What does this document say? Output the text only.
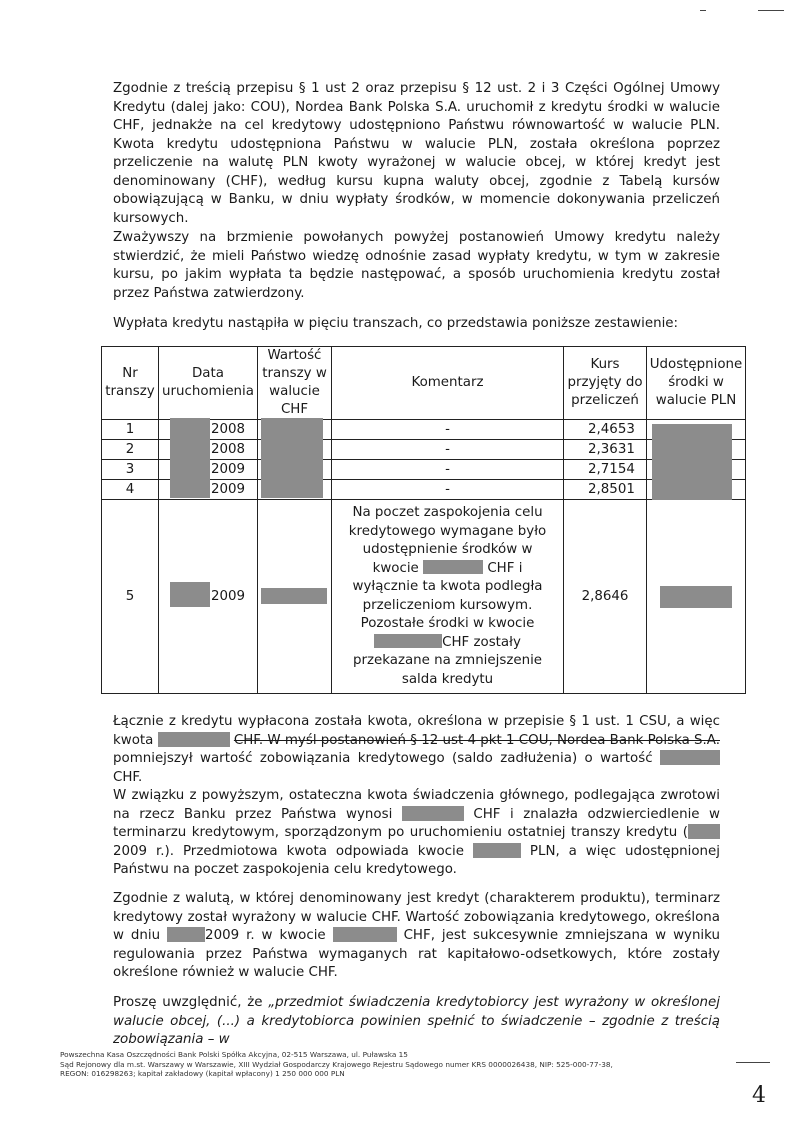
Zgodnie z treścią przepisu § 1 ust 2 oraz przepisu § 12 ust. 2 i 3 Części Ogólnej Umowy Kredytu (dalej jako: COU), Nordea Bank Polska S.A. uruchomił z kredytu środki w walucie CHF, jednakże na cel kredytowy udostępniono Państwu równowartość w walucie PLN. Kwota kredytu udostępniona Państwu w walucie PLN, została określona poprzez przeliczenie na walutę PLN kwoty wyrażonej w walucie obcej, w której kredyt jest denominowany (CHF), według kursu kupna waluty obcej, zgodnie z Tabelą kursów obowiązującą w Banku, w dniu wypłaty środków, w momencie dokonywania przeliczeń kursowych.

Zważywszy na brzmienie powołanych powyżej postanowień Umowy kredytu należy stwierdzić, że mieli Państwo wiedzę odnośnie zasad wypłaty kredytu, w tym w zakresie kursu, po jakim wypłata ta będzie następować, a sposób uruchomienia kredytu został przez Państwa zatwierdzony.

Wypłata kredytu nastąpiła w pięciu transzach, co przedstawia poniższe zestawienie:

Nr transzy	Data uruchomienia	Wartość transzy w walucie CHF	Komentarz	Kurs przyjęty do przeliczeń	Udostępnione środki w walucie PLN
1	2008		-	2,4653	
2	2008		-	2,3631	
3	2009		-	2,7154	
4	2009		-	2,8501	
5	2009		Na poczet zaspokojenia celu kredytowego wymagane było udostępnienie środków w kwocie CHF i wyłącznie ta kwota podległa przeliczeniom kursowym. Pozostałe środki w kwocie CHF zostały przekazane na zmniejszenie salda kredytu	2,8646	

Łącznie z kredytu wypłacona została kwota, określona w przepisie § 1 ust. 1 CSU, a więc kwota	CHF. W myśl postanowień § 12 ust 4 pkt 1 COU, Nordea Bank Polska S.A. pomniejszył wartość zobowiązania kredytowego (saldo zadłużenia) o wartość  CHF.

W związku z powyższym, ostateczna kwota świadczenia głównego, podlegająca zwrotowi na rzecz Banku przez Państwa wynosi	CHF i znalazła odzwierciedlenie w terminarzu kredytowym, sporządzonym po uruchomieniu ostatniej transzy kredytu (2009 r.). Przedmiotowa kwota odpowiada kwocie	PLN, a więc udostępnionej Państwu na poczet zaspokojenia celu kredytowego.

Zgodnie z walutą, w której denominowany jest kredyt (charakterem produktu), terminarz kredytowy został wyrażony w walucie CHF. Wartość zobowiązania kredytowego, określona w dniu	2009 r. w kwocie	CHF, jest sukcesywnie zmniejszana w wyniku regulowania przez Państwa wymaganych rat kapitałowo-odsetkowych, które zostały określone również w walucie CHF.

Proszę uwzględnić, że „przedmiot świadczenia kredytobiorcy jest wyrażony w określonej walucie obcej, (...) a kredytobiorca powinien spełnić to świadczenie – zgodnie z treścią zobowiązania – w

Powszechna Kasa Oszczędności Bank Polski Spółka Akcyjna, 02-515 Warszawa, ul. Puławska 15
Sąd Rejonowy dla m.st. Warszawy w Warszawie, XIII Wydział Gospodarczy Krajowego Rejestru Sądowego numer KRS 0000026438, NIP: 525-000-77-38,
REGON: 016298263; kapitał zakładowy (kapitał wpłacony) 1 250 000 000 PLN
4
